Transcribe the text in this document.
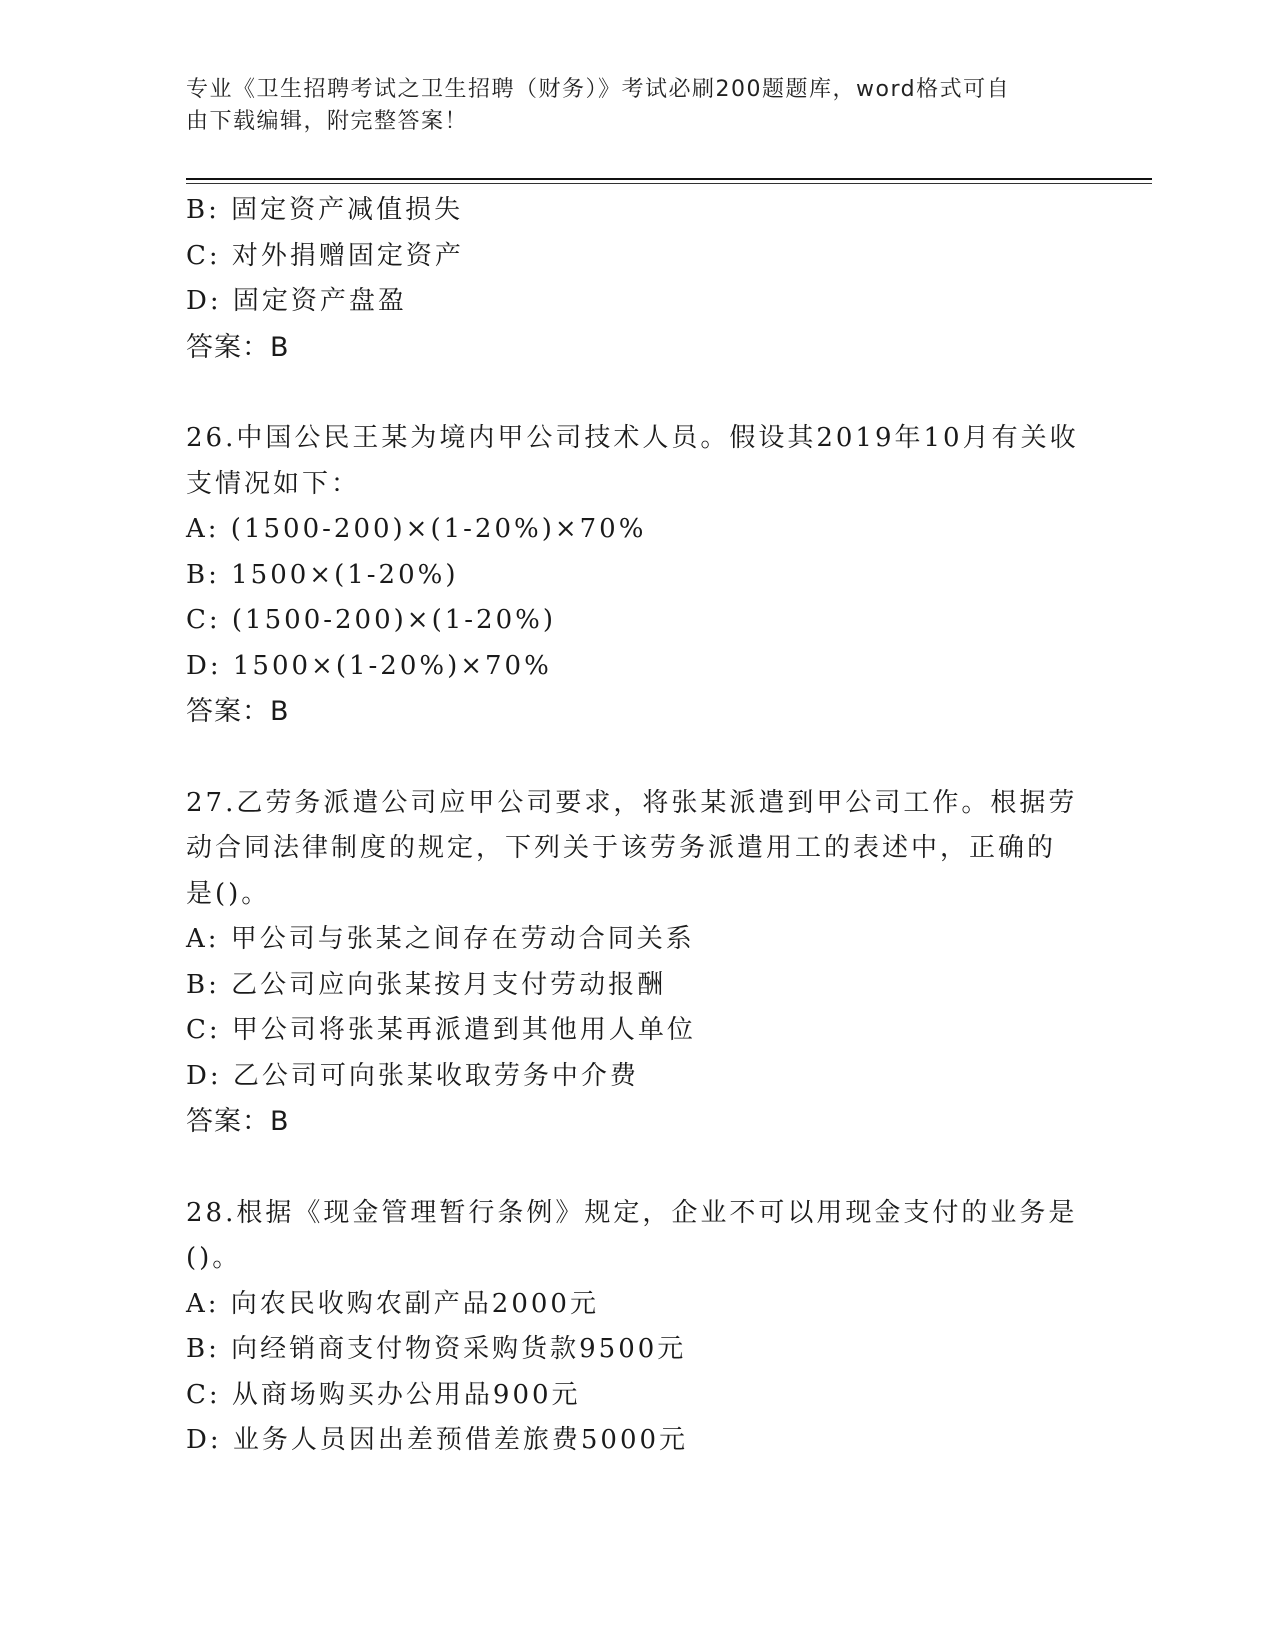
专业《卫生招聘考试之卫生招聘（财务）》考试必刷200题题库，word格式可自
由下载编辑，附完整答案！
B: 固定资产减值损失
C: 对外捐赠固定资产
D: 固定资产盘盈
答案：B
26.中国公民王某为境内甲公司技术人员。假设其2019年10月有关收
支情况如下：
A: (1500-200)×(1-20%)×70%
B: 1500×(1-20%)
C: (1500-200)×(1-20%)
D: 1500×(1-20%)×70%
答案：B
27.乙劳务派遣公司应甲公司要求，将张某派遣到甲公司工作。根据劳
动合同法律制度的规定，下列关于该劳务派遣用工的表述中，正确的
是()。
A: 甲公司与张某之间存在劳动合同关系
B: 乙公司应向张某按月支付劳动报酬
C: 甲公司将张某再派遣到其他用人单位
D: 乙公司可向张某收取劳务中介费
答案：B
28.根据《现金管理暂行条例》规定，企业不可以用现金支付的业务是
()。
A: 向农民收购农副产品2000元
B: 向经销商支付物资采购货款9500元
C: 从商场购买办公用品900元
D: 业务人员因出差预借差旅费5000元
